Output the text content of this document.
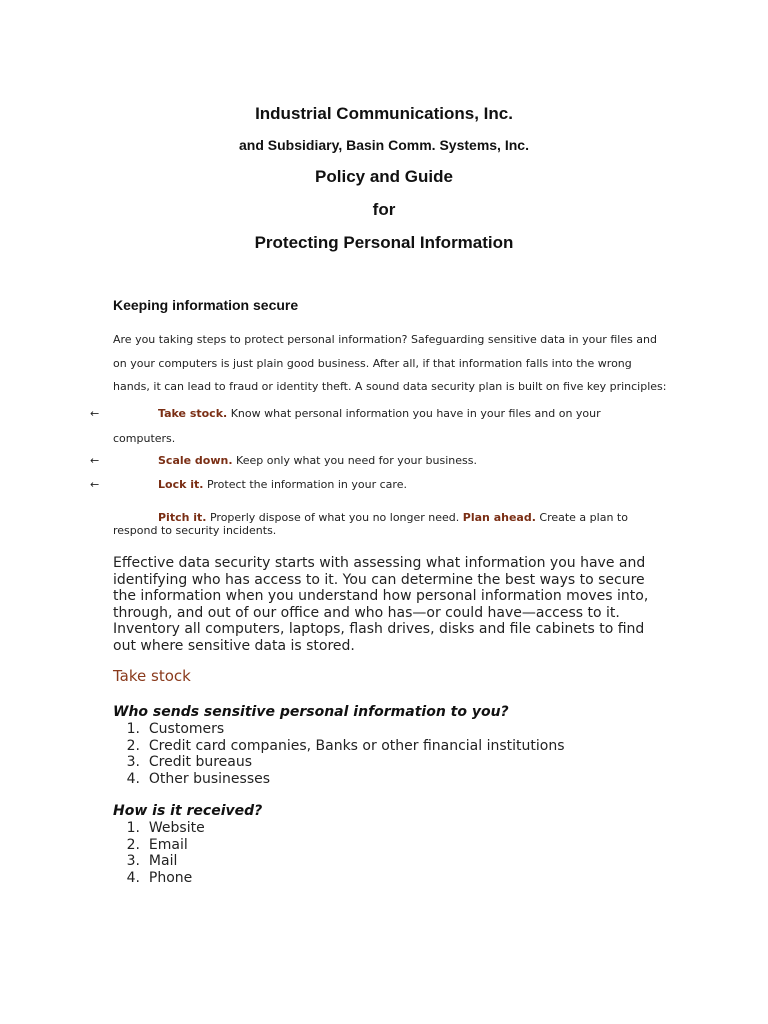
Industrial Communications, Inc.
and Subsidiary, Basin Comm. Systems, Inc.
Policy and Guide
for
Protecting Personal Information
Keeping information secure

Are you taking steps to protect personal information? Safeguarding sensitive data in your files and

on your computers is just plain good business. After all, if that information falls into the wrong

hands, it can lead to fraud or identity theft. A sound data security plan is built on five key principles:

←	Take stock. Know what personal information you have in your files and on your
computers.
←	Scale down. Keep only what you need for your business.
←	Lock it. Protect the information in your care.
Pitch it. Properly dispose of what you no longer need. Plan ahead. Create a plan to
respond to security incidents.

Effective data security starts with assessing what information you have and

identifying who has access to it. You can determine the best ways to secure

the information when you understand how personal information moves into,

through, and out of our office and who has—or could have—access to it.

Inventory all computers, laptops, flash drives, disks and file cabinets to find

out where sensitive data is stored.

Take stock
Who sends sensitive personal information to you?
1.
Customers
2.
Credit card companies, Banks or other financial institutions
3.
Credit bureaus
4.
Other businesses
How is it received?
1.
Website
2.
Email
3.
Mail
4.
Phone
